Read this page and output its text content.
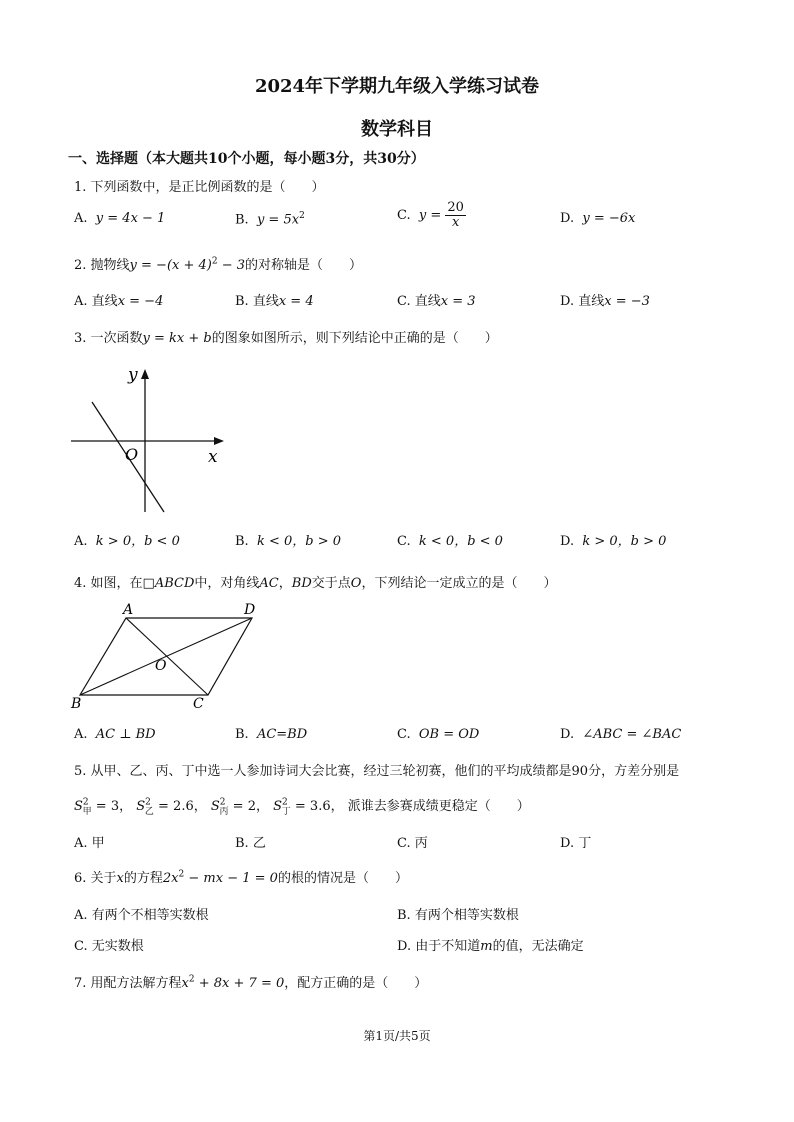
2024年下学期九年级入学练习试卷
数学科目
一、选择题（本大题共10个小题，每小题3分，共30分）
1. 下列函数中，是正比例函数的是（　　）
A. y = 4x − 1	B. $y = 5x^2$	C. $y = \frac{20}{x}$	D. y = −6x
2. 抛物线$y = -(x + 4)^2 - 3$的对称轴是（　　）
A. 直线x = −4	B. 直线x = 4	C. 直线x = 3	D. 直线x = −3
3. 一次函数y = kx + b的图象如图所示，则下列结论中正确的是（　　）
y
x
O
A. k > 0，b < 0	B. k < 0，b > 0	C. k < 0，b < 0	D. k > 0，b > 0
4. 如图，在□ABCD中，对角线AC，BD交于点O，下列结论一定成立的是（　　）
A	D
B	C
O
A. AC ⊥ BD	B. AC=BD	C. OB = OD	D. ∠ABC = ∠BAC
5. 从甲、乙、丙、丁中选一人参加诗词大会比赛，经过三轮初赛，他们的平均成绩都是90分，方差分别是
$S^2_甲 = 3$， $S^2_乙 = 2.6$， $S^2_丙 = 2$， $S^2_丁 = 3.6$， 派谁去参赛成绩更稳定（　　）
A. 甲	B. 乙	C. 丙	D. 丁
6. 关于x的方程$2x^2$ − mx − 1 = 0的根的情况是（　　）
A. 有两个不相等实数根	B. 有两个相等实数根
C. 无实数根	D. 由于不知道m的值，无法确定
7. 用配方法解方程$x^2 + 8x + 7 = 0$，配方正确的是（　　）
第1页/共5页
